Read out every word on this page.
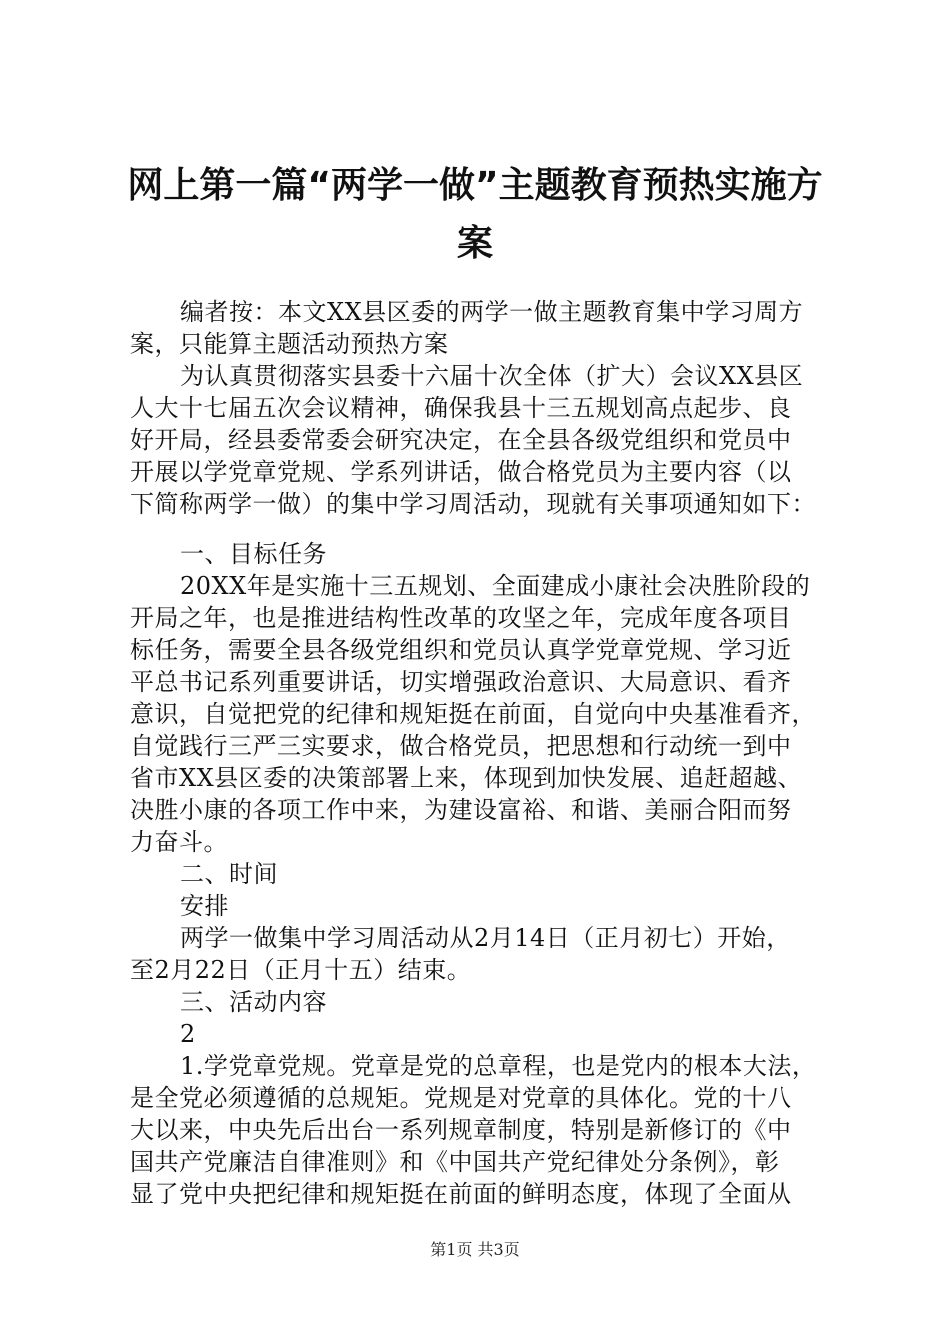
网上第一篇“两学一做”主题教育预热实施方
案
编者按：本文XX县区委的两学一做主题教育集中学习周方
案，只能算主题活动预热方案
为认真贯彻落实县委十六届十次全体（扩大）会议XX县区
人大十七届五次会议精神，确保我县十三五规划高点起步、良
好开局，经县委常委会研究决定，在全县各级党组织和党员中
开展以学党章党规、学系列讲话，做合格党员为主要内容（以
下简称两学一做）的集中学习周活动，现就有关事项通知如下：
一、目标任务
20XX年是实施十三五规划、全面建成小康社会决胜阶段的
开局之年，也是推进结构性改革的攻坚之年，完成年度各项目
标任务，需要全县各级党组织和党员认真学党章党规、学习近
平总书记系列重要讲话，切实增强政治意识、大局意识、看齐
意识，自觉把党的纪律和规矩挺在前面，自觉向中央基准看齐，
自觉践行三严三实要求，做合格党员，把思想和行动统一到中
省市XX县区委的决策部署上来，体现到加快发展、追赶超越、
决胜小康的各项工作中来，为建设富裕、和谐、美丽合阳而努
力奋斗。
二、时间
安排
两学一做集中学习周活动从2月14日（正月初七）开始，
至2月22日（正月十五）结束。
三、活动内容
2
1.学党章党规。党章是党的总章程，也是党内的根本大法，
是全党必须遵循的总规矩。党规是对党章的具体化。党的十八
大以来，中央先后出台一系列规章制度，特别是新修订的《中
国共产党廉洁自律准则》和《中国共产党纪律处分条例》，彰
显了党中央把纪律和规矩挺在前面的鲜明态度，体现了全面从
第1页 共3页
